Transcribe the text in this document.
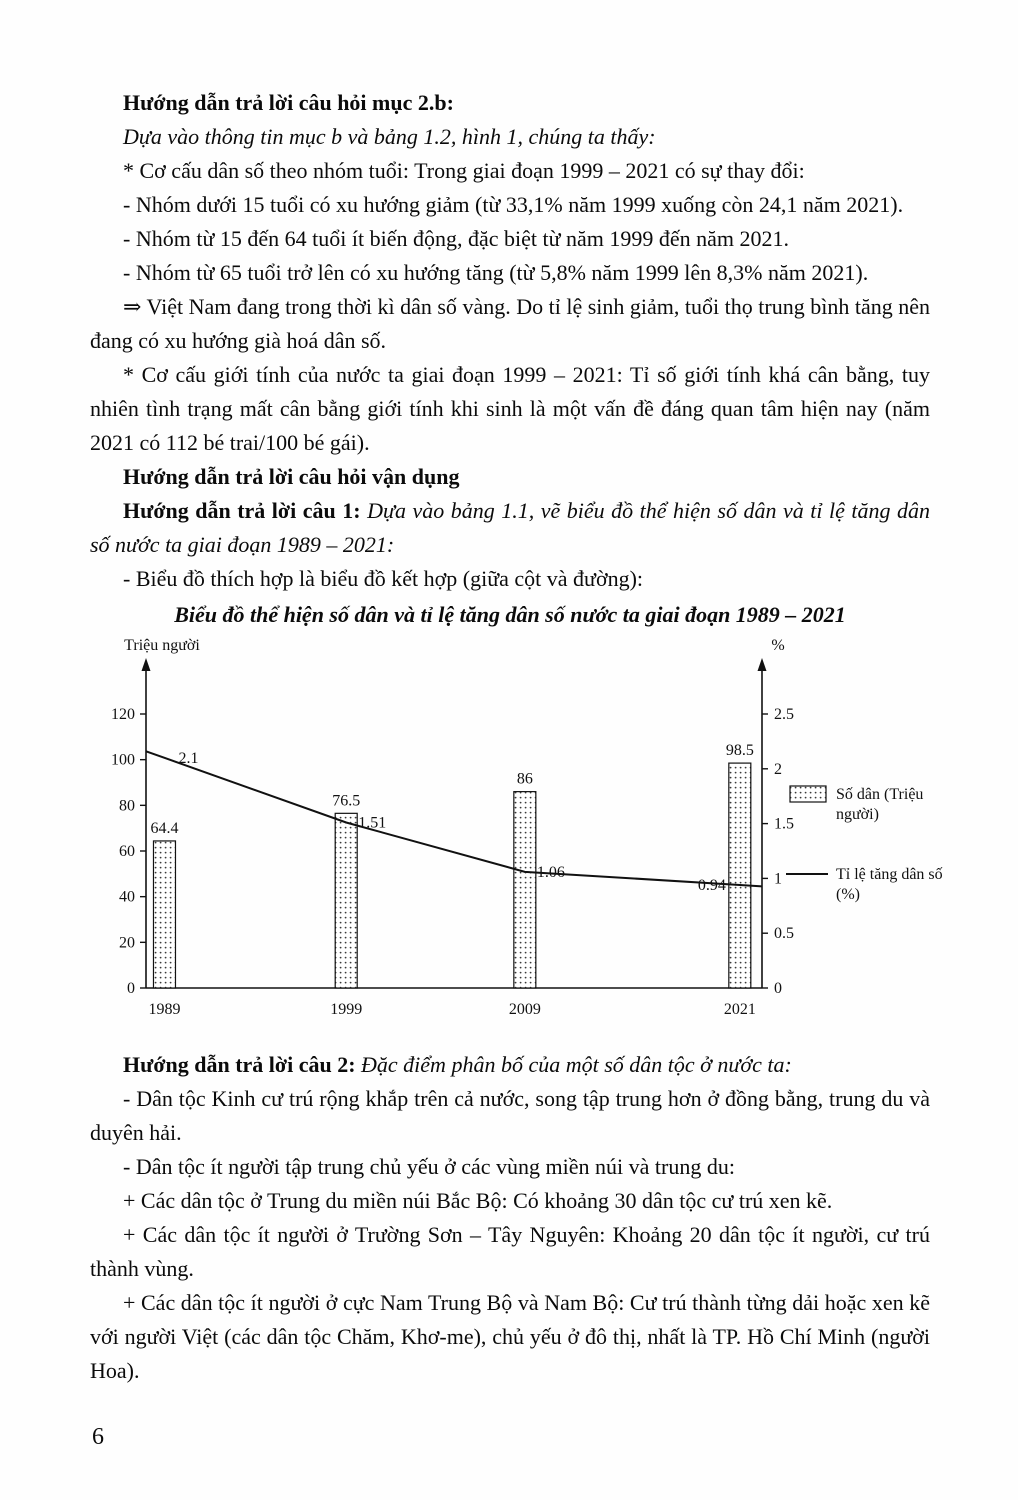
Hướng dẫn trả lời câu hỏi mục 2.b:

Dựa vào thông tin mục b và bảng 1.2, hình 1, chúng ta thấy:

* Cơ cấu dân số theo nhóm tuổi: Trong giai đoạn 1999 – 2021 có sự thay đổi:

- Nhóm dưới 15 tuổi có xu hướng giảm (từ 33,1% năm 1999 xuống còn 24,1 năm 2021).

- Nhóm từ 15 đến 64 tuổi ít biến động, đặc biệt từ năm 1999 đến năm 2021.

- Nhóm từ 65 tuổi trở lên có xu hướng tăng (từ 5,8% năm 1999 lên 8,3% năm 2021).

⇒ Việt Nam đang trong thời kì dân số vàng. Do tỉ lệ sinh giảm, tuổi thọ trung bình tăng nên đang có xu hướng già hoá dân số.

* Cơ cấu giới tính của nước ta giai đoạn 1999 – 2021: Tỉ số giới tính khá cân bằng, tuy nhiên tình trạng mất cân bằng giới tính khi sinh là một vấn đề đáng quan tâm hiện nay (năm 2021 có 112 bé trai/100 bé gái).

Hướng dẫn trả lời câu hỏi vận dụng

Hướng dẫn trả lời câu 1: Dựa vào bảng 1.1, vẽ biểu đồ thể hiện số dân và tỉ lệ tăng dân số nước ta giai đoạn 1989 – 2021:

- Biểu đồ thích hợp là biểu đồ kết hợp (giữa cột và đường):

Biểu đồ thể hiện số dân và tỉ lệ tăng dân số nước ta giai đoạn 1989 – 2021

Triệu người	%
0
20
40
60
80
100
120
0
0.5
1
1.5
2
2.5
1989	1999	2009	2021
64.4
76.5
86
98.5
2.1
1.51
1.06
0.94
Số dân (Triệu
người)
Tỉ lệ tăng dân số
(%)

Hướng dẫn trả lời câu 2: Đặc điểm phân bố của một số dân tộc ở nước ta:

- Dân tộc Kinh cư trú rộng khắp trên cả nước, song tập trung hơn ở đồng bằng, trung du và duyên hải.

- Dân tộc ít người tập trung chủ yếu ở các vùng miền núi và trung du:

+ Các dân tộc ở Trung du miền núi Bắc Bộ: Có khoảng 30 dân tộc cư trú xen kẽ.

+ Các dân tộc ít người ở Trường Sơn – Tây Nguyên: Khoảng 20 dân tộc ít người, cư trú thành vùng.

+ Các dân tộc ít người ở cực Nam Trung Bộ và Nam Bộ: Cư trú thành từng dải hoặc xen kẽ với người Việt (các dân tộc Chăm, Khơ-me), chủ yếu ở đô thị, nhất là TP. Hồ Chí Minh (người Hoa).

6
